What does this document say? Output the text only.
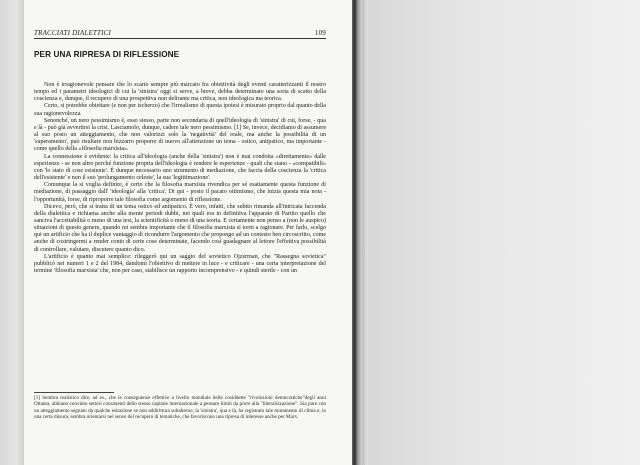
TRACCIATI DIALETTICI	109
PER UNA RIPRESA DI RIFLESSIONE

Non è irragionevole pensare che lo scarto sempre più marcato fra obiettività degli eventi caratterizzanti il nostro tempo ed i parametri ideologici di cui la 'sinistra' oggi si serve, a breve, debba determinare una sorta di scatto della coscienza e, dunque, il recupero di una prospettiva non delirante ma critica, non ideologica ma teorica.

Certo, si potrebbe obiettare (e non per ischerzo) che l'irrealismo di questa ipotesi è misurato proprio dal quanto della sua ragionevolezza.

Senonché, un nero pessimismo è, esso stesso, parte non secondaria di quell'ideologia di 'sinistra' di cui, forse, - qua e là - può già avvertirsi la crisi. Lasciamolo, dunque, cadere tale nero pessimismo. [1] Se, invece, decidiamo di assumere al suo posto un atteggiamento, che non valorizzi solo la 'negatività' del reale, ma anche la possibilità di un 'superamento', può risultare non bizzarro proporre di nuovo all'attenzione un tema - ostico, antipatico, ma importante - come quello della «filosofia marxista».

La connessione è evidente: la critica all'ideologia (anche della 'sinistra') non è mai condotta «direttamente» dalle esperienze - se non altro perché funzione propria dell'ideologia è rendere le esperienze - quali che siano - «compatibili» con 'lo stato di cose esistente'. È dunque necessario uno strumento di mediazione, che faccia della coscienza la 'critica dell'esistente' e non il suo 'prolungamento celeste', la sua 'legittimazione'.

Comunque la si voglia definire, è certo che la filosofia marxista rivendica per sé esattamente questa funzione di mediazione, di passaggio dall' 'ideologia' alla 'critica'. Di qui - posto il pacato ottimismo, che inizia questa mia nota - l'opportunità, forse, di riproporre tale filosofia come argomento di riflessione.

Dicevo, però, che si tratta di un tema ostico ed antipatico. È vero, infatti, che subito rimanda all'intricata faccenda della dialettica e richiama anche alla mente periodi dubbi, nei quali era in definitiva l'apparato di Partito quello che sanciva l'accettabilità o meno di una tesi, la scientificità o meno di una teoria. E certamente non penso a (non le auspico) situazioni di questo genere, quando mi sembra importante che il filosofia marxista si torni a ragionare. Per farlo, scelgo qui un artificio che ha il duplice vantaggio di ricondurre l'argomento che propongo ad un contesto ben circoscritto, come anche di costringermi a render conto di certe cose determinate, facendo così guadagnare al lettore l'effettiva possibilità di controllare, valutare, discutere quanto dico.

L'artificio è quanto mai semplice: rileggerò qui un saggio del sovietico Ojzerman, che "Rassegna sovietica" pubblicò nei numeri 1 e 2 del 1984, dandomi l'obiettivo di mettere in luce - e criticare - una certa interpretazione del termine 'filosofia marxista' che, non per caso, stabilisce un rapporto incomprensivo - e quindi sterile - con un

[1] Sembra realistico dire, ad es., che le conseguenze effettive a livello mondiale delle cosiddette "rivoluzioni democratiche"degli anni Ottanta, abbiano convinto settori consistenti dello stesso capitale internazionale a pensare limiti da porre alla "liberalizzazione". Sia pure con un atteggiamento segnato da qualche esitazione se non addirittura subalterno, la 'sinistra', qua e là, ha registrato tale mutamento di clima e, in una certa misura, sembra orientarsi nel senso del recupero di tematiche, che favoriscono una ripresa di interesse anche per Marx.
